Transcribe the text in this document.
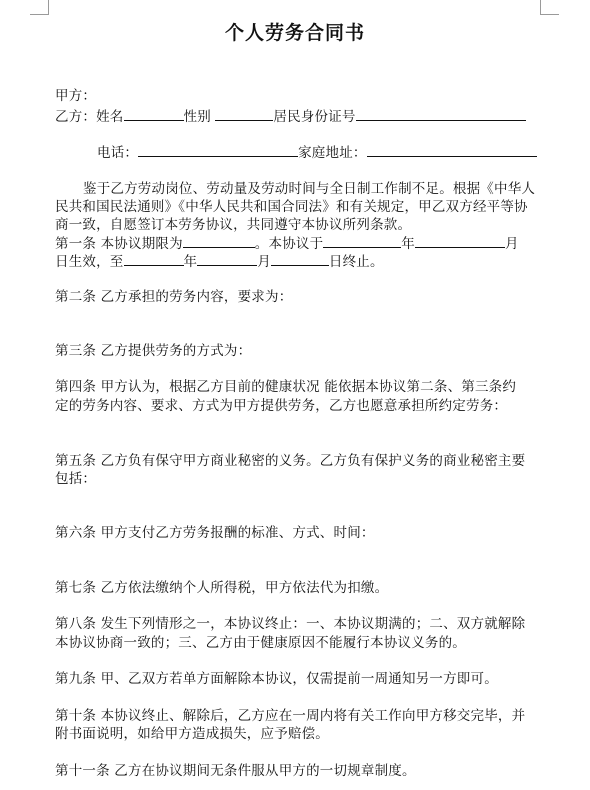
个人劳务合同书
甲方：
乙方：姓名	性别	居民身份证号
电话：	家庭地址：
鉴于乙方劳动岗位、劳动量及劳动时间与全日制工作制不足。根据《中华人
民共和国民法通则》《中华人民共和国合同法》和有关规定，甲乙双方经平等协
商一致，自愿签订本劳务协议，共同遵守本协议所列条款。
第一条 本协议期限为	。本协议于	年	月
日生效，至	年	月	日终止。
第二条 乙方承担的劳务内容，要求为：
第三条 乙方提供劳务的方式为：
第四条 甲方认为，根据乙方目前的健康状况 能依据本协议第二条、第三条约
定的劳务内容、要求、方式为甲方提供劳务，乙方也愿意承担所约定劳务：
第五条 乙方负有保守甲方商业秘密的义务。乙方负有保护义务的商业秘密主要
包括：
第六条 甲方支付乙方劳务报酬的标准、方式、时间：
第七条 乙方依法缴纳个人所得税，甲方依法代为扣缴。
第八条 发生下列情形之一，本协议终止：一、本协议期满的；二、双方就解除
本协议协商一致的；三、乙方由于健康原因不能履行本协议义务的。
第九条 甲、乙双方若单方面解除本协议，仅需提前一周通知另一方即可。
第十条 本协议终止、解除后，乙方应在一周内将有关工作向甲方移交完毕，并
附书面说明，如给甲方造成损失，应予赔偿。
第十一条 乙方在协议期间无条件服从甲方的一切规章制度。
